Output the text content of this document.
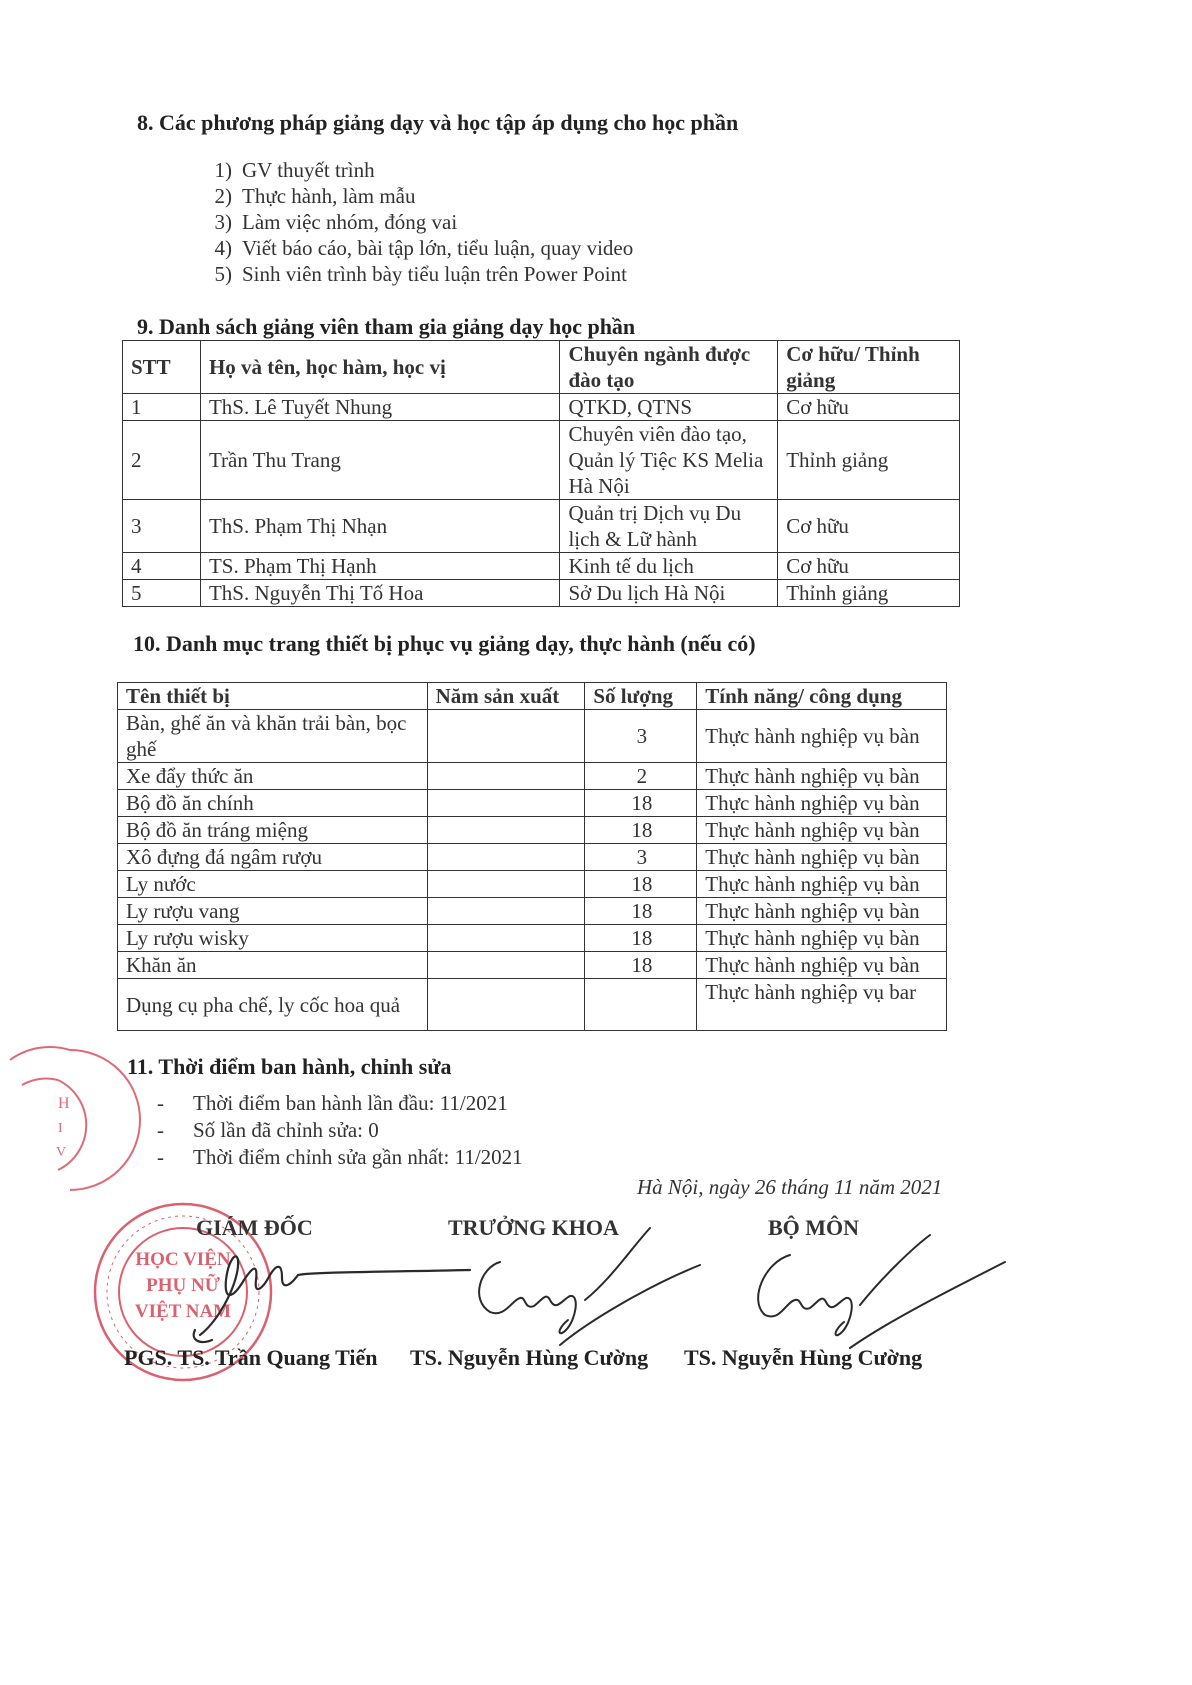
8. Các phương pháp giảng dạy và học tập áp dụng cho học phần
1) GV thuyết trình
2) Thực hành, làm mẫu
3) Làm việc nhóm, đóng vai
4) Viết báo cáo, bài tập lớn, tiểu luận, quay video
5) Sinh viên trình bày tiểu luận trên Power Point
9. Danh sách giảng viên tham gia giảng dạy học phần
STT	Họ và tên, học hàm, học vị	Chuyên ngành được đào tạo	Cơ hữu/ Thỉnh giảng
1	ThS. Lê Tuyết Nhung	QTKD, QTNS	Cơ hữu
2	Trần Thu Trang	Chuyên viên đào tạo, Quản lý Tiệc KS Melia Hà Nội	Thỉnh giảng
3	ThS. Phạm Thị Nhạn	Quản trị Dịch vụ Du lịch & Lữ hành	Cơ hữu
4	TS. Phạm Thị Hạnh	Kinh tế du lịch	Cơ hữu
5	ThS. Nguyễn Thị Tố Hoa	Sở Du lịch Hà Nội	Thỉnh giảng
10. Danh mục trang thiết bị phục vụ giảng dạy, thực hành (nếu có)
Tên thiết bị	Năm sản xuất	Số lượng	Tính năng/ công dụng
Bàn, ghế ăn và khăn trải bàn, bọc ghế		3	Thực hành nghiệp vụ bàn
Xe đẩy thức ăn		2	Thực hành nghiệp vụ bàn
Bộ đồ ăn chính		18	Thực hành nghiệp vụ bàn
Bộ đồ ăn tráng miệng		18	Thực hành nghiệp vụ bàn
Xô đựng đá ngâm rượu		3	Thực hành nghiệp vụ bàn
Ly nước		18	Thực hành nghiệp vụ bàn
Ly rượu vang		18	Thực hành nghiệp vụ bàn
Ly rượu wisky		18	Thực hành nghiệp vụ bàn
Khăn ăn		18	Thực hành nghiệp vụ bàn
Dụng cụ pha chế, ly cốc hoa quả			Thực hành nghiệp vụ bar
11. Thời điểm ban hành, chỉnh sửa
- Thời điểm ban hành lần đầu: 11/2021
- Số lần đã chỉnh sửa: 0
- Thời điểm chỉnh sửa gần nhất: 11/2021
Hà Nội, ngày 26 tháng 11 năm 2021
H
I
V
HỌC VIỆN
PHỤ NỮ
VIỆT NAM
GIÁM ĐỐC	TRƯỞNG KHOA	BỘ MÔN
PGS. TS. Trần Quang Tiến TS. Nguyễn Hùng Cường TS. Nguyễn Hùng Cường
